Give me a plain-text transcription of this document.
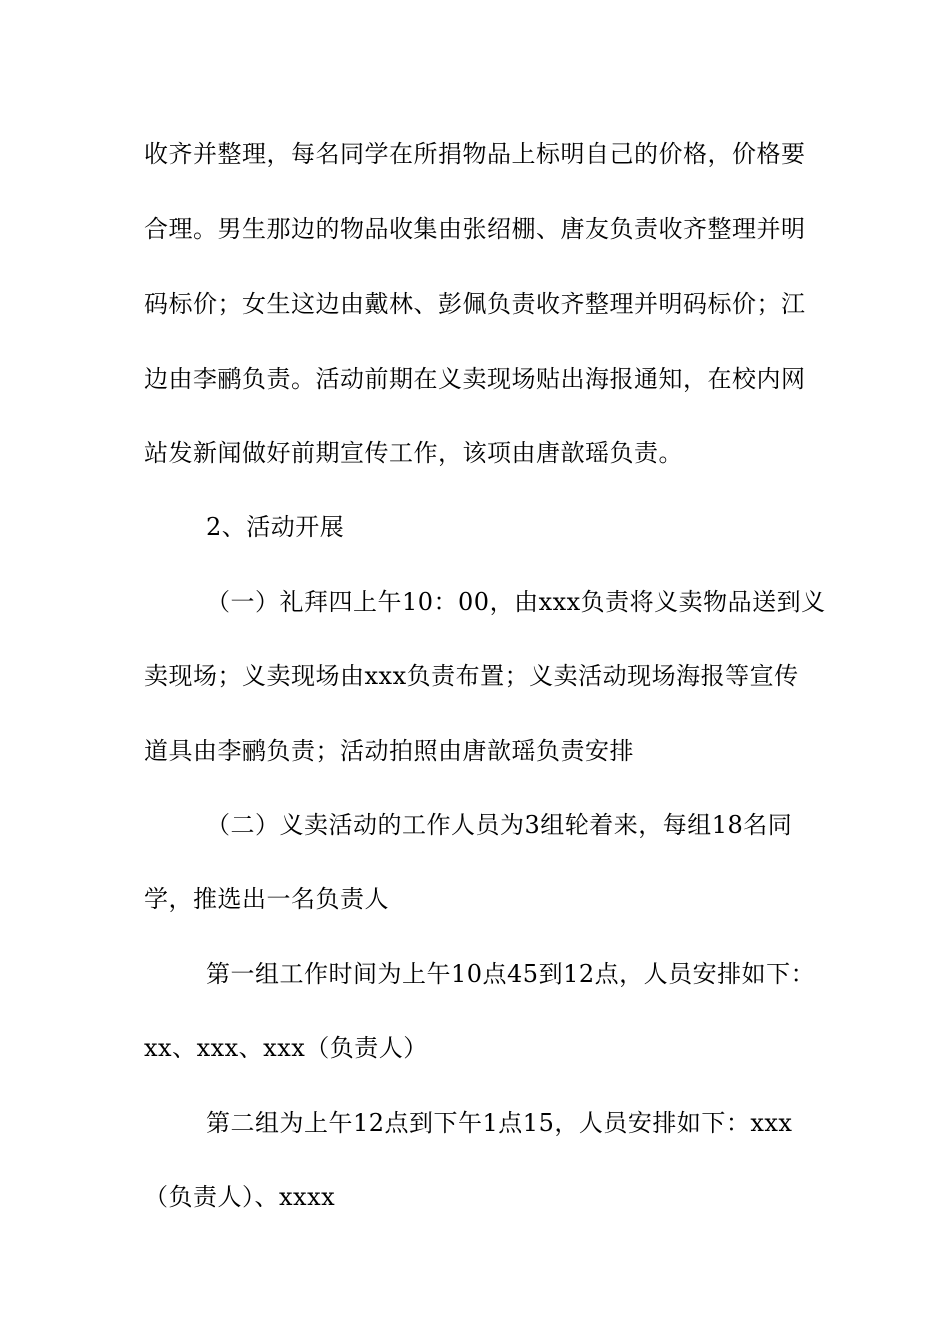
收齐并整理，每名同学在所捐物品上标明自己的价格，价格要
合理。男生那边的物品收集由张绍棚、唐友负责收齐整理并明
码标价；女生这边由戴林、彭佩负责收齐整理并明码标价；江
边由李鹂负责。活动前期在义卖现场贴出海报通知，在校内网
站发新闻做好前期宣传工作，该项由唐歆瑶负责。
2、活动开展
（一）礼拜四上午10：00，由xxx负责将义卖物品送到义
卖现场；义卖现场由xxx负责布置；义卖活动现场海报等宣传
道具由李鹂负责；活动拍照由唐歆瑶负责安排
（二）义卖活动的工作人员为3组轮着来，每组18名同
学，推选出一名负责人
第一组工作时间为上午10点45到12点，人员安排如下：
xx、xxx、xxx（负责人）
第二组为上午12点到下午1点15，人员安排如下：xxx
（负责人）、xxxx
